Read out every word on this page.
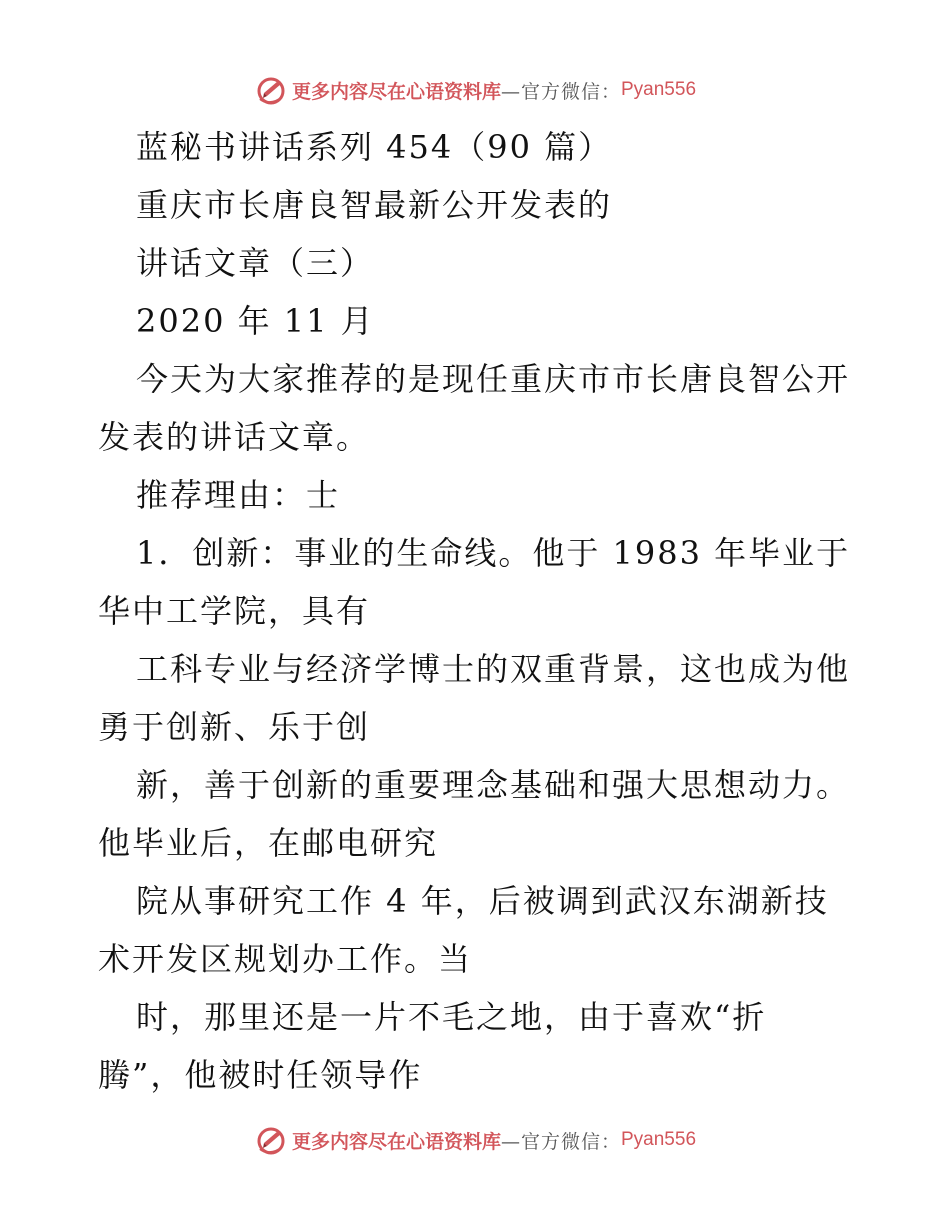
更多内容尽在心语资料库 —官方微信： Pyan556
蓝秘书讲话系列 454（90 篇）
重庆市长唐良智最新公开发表的
讲话文章（三）
2020 年 11 月
今天为大家推荐的是现任重庆市市长唐良智公开
发表的讲话文章。
推荐理由：士
1．创新：事业的生命线。他于 1983 年毕业于
华中工学院，具有
工科专业与经济学博士的双重背景，这也成为他
勇于创新、乐于创
新，善于创新的重要理念基础和强大思想动力。
他毕业后，在邮电研究
院从事研究工作 4 年，后被调到武汉东湖新技
术开发区规划办工作。当
时，那里还是一片不毛之地，由于喜欢“折
腾”，他被时任领导作
更多内容尽在心语资料库 —官方微信： Pyan556
